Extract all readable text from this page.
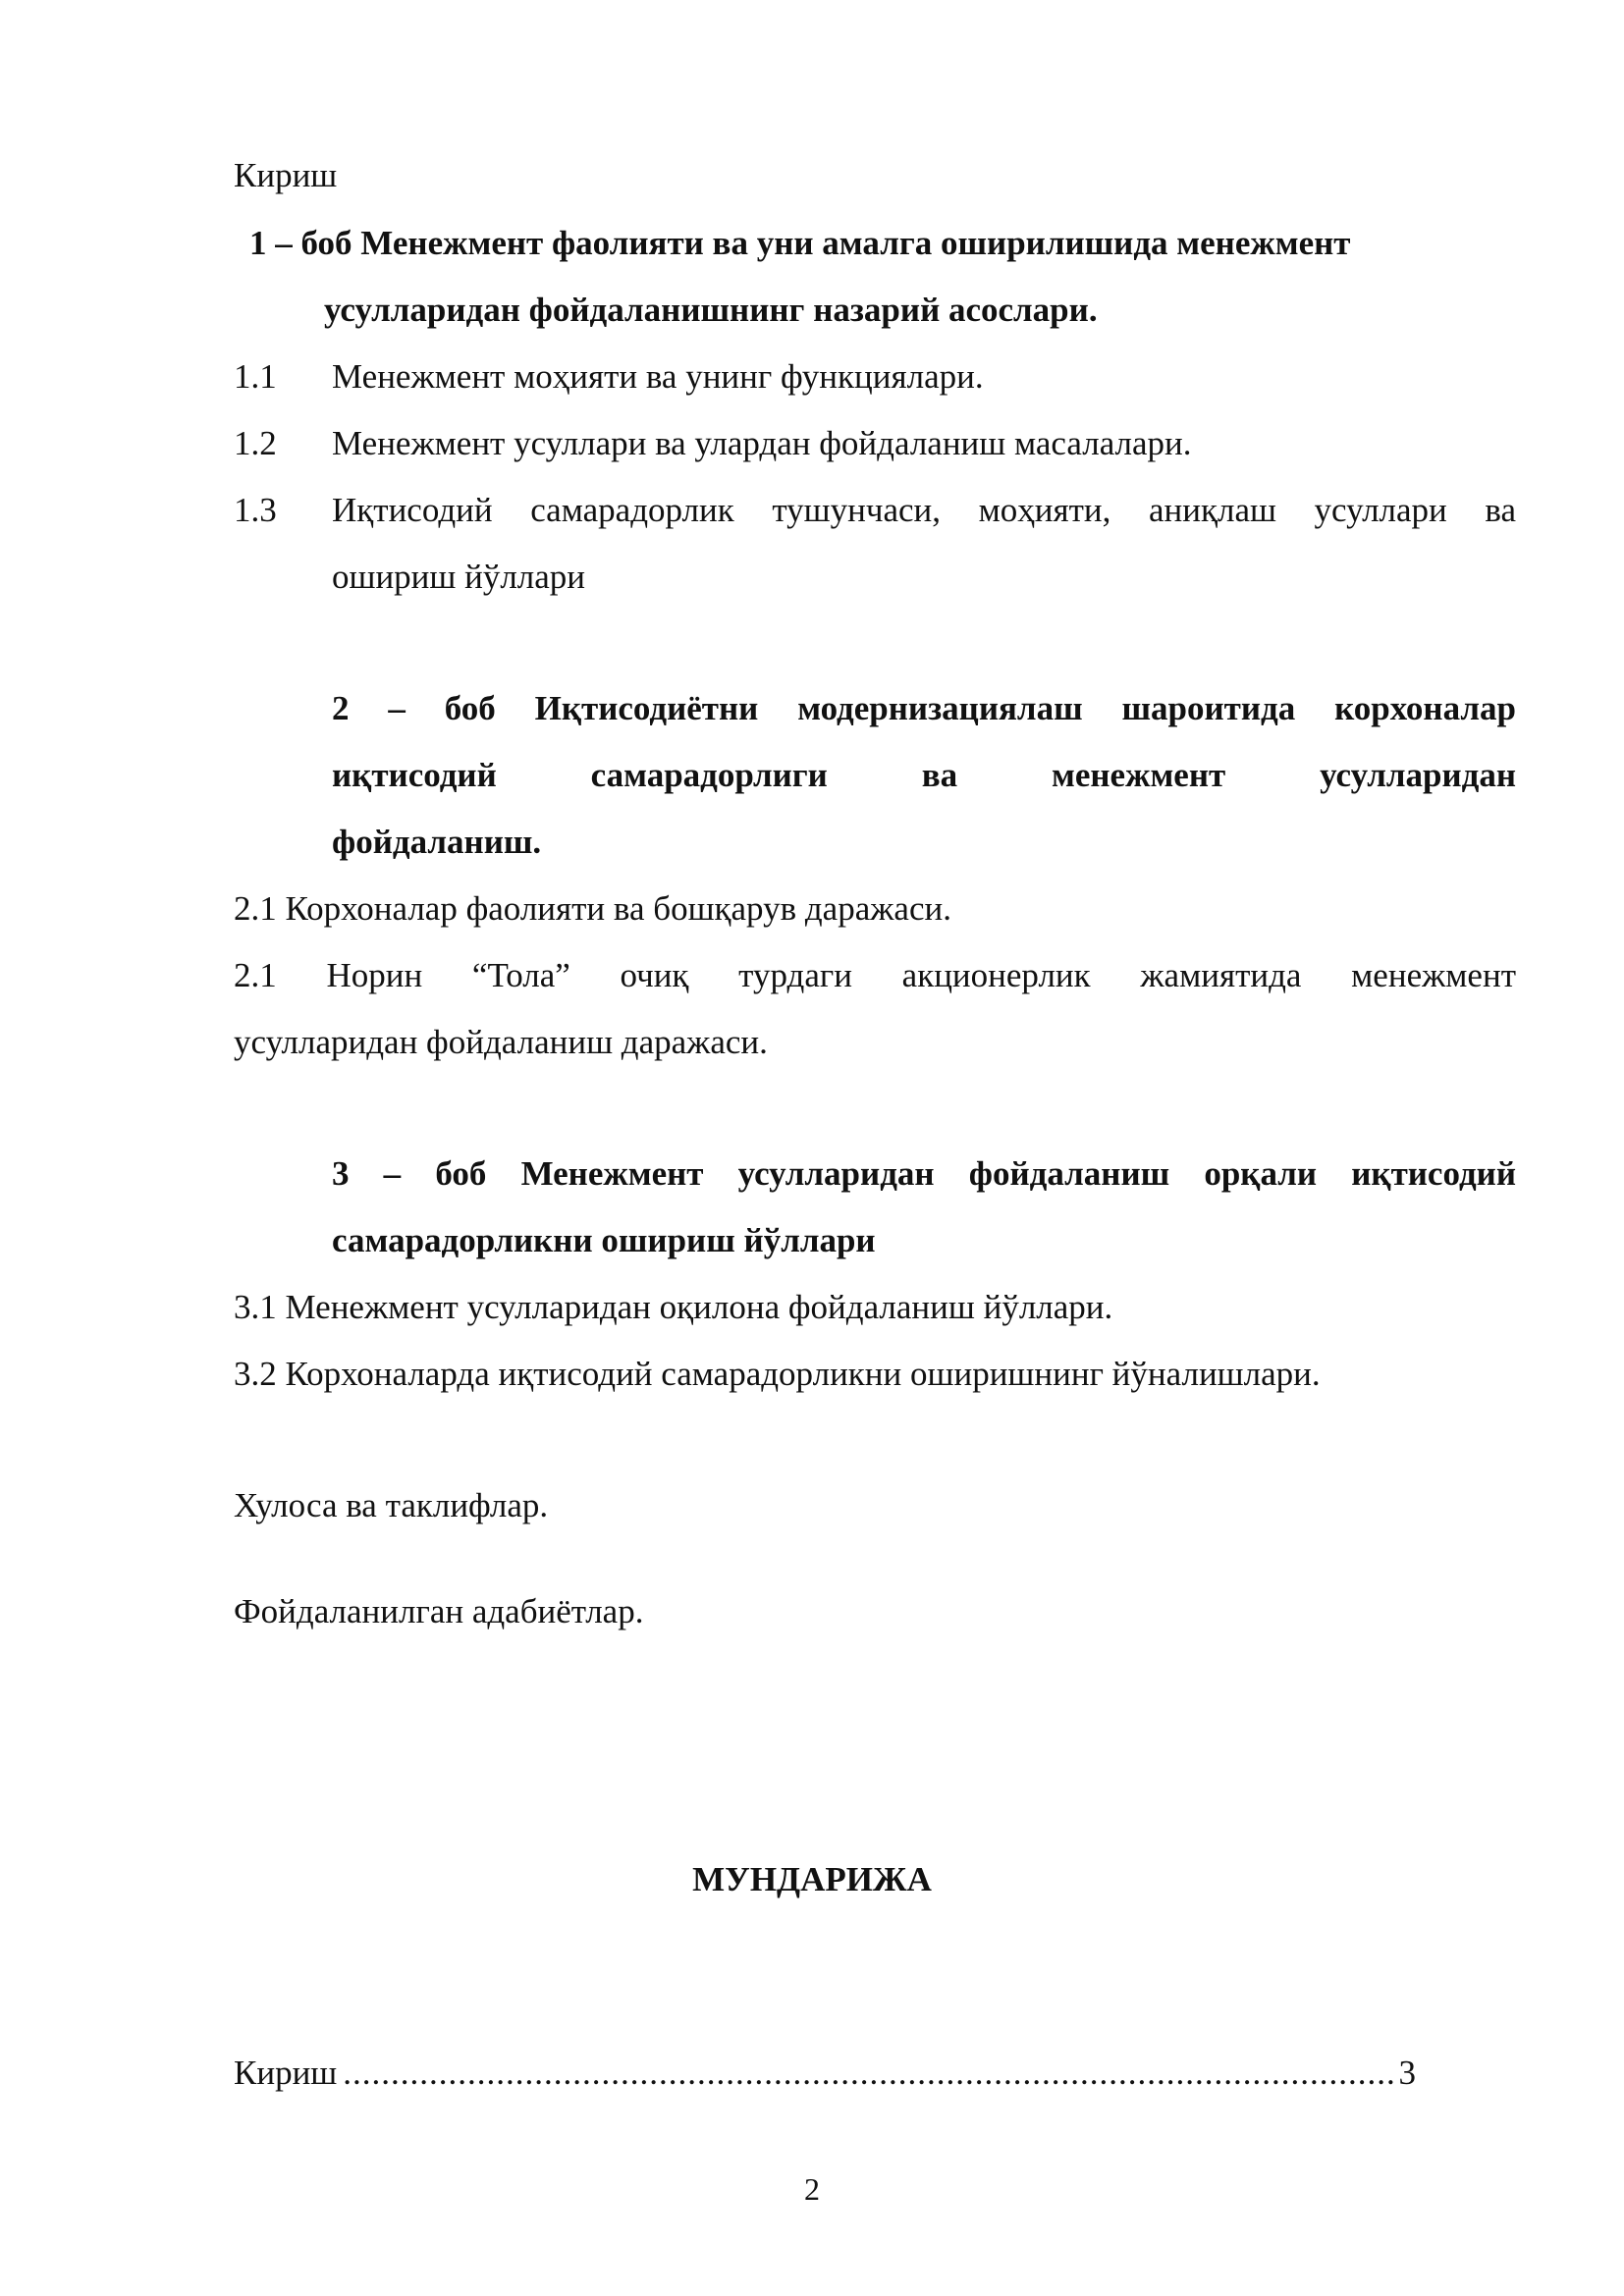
Кириш
1 – боб Менежмент фаолияти ва уни амалга оширилишида менежмент
усулларидан фойдаланишнинг назарий асослари.
1.1 Менежмент моҳияти ва унинг функциялари.
1.2 Менежмент усуллари ва улардан фойдаланиш масалалари.
1.3 Иқтисодий самарадорлик тушунчаси, моҳияти, аниқлаш усуллари ва
ошириш йўллари
2 – боб Иқтисодиётни модернизациялаш шароитида корхоналар
иқтисодий самарадорлиги ва менежмент усулларидан
фойдаланиш.
2.1 Корхоналар фаолияти ва бошқарув даражаси.
2.1 Норин “Тола” очиқ турдаги акционерлик жамиятида менежмент
усулларидан фойдаланиш даражаси.
3 – боб Менежмент усулларидан фойдаланиш орқали иқтисодий
самарадорликни ошириш йўллари
3.1 Менежмент усулларидан оқилона фойдаланиш йўллари.
3.2 Корхоналарда иқтисодий самарадорликни оширишнинг йўналишлари.
Хулоса ва таклифлар.
Фойдаланилган адабиётлар.
МУНДАРИЖА
Кириш
.....	3
2
